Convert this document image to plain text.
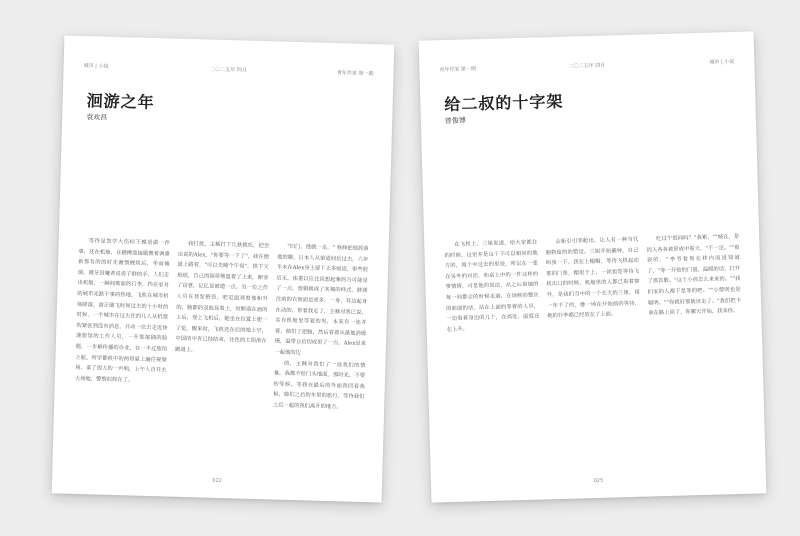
城市 | 小说
二〇二五年 四月
青年作家 第一期
洄游之年
袁欢昌

等待是智学大伤标王模语做一件事，还在机舱，在趟樽迎接题搬着调重新那有的的时光谢惯握烧后，华商摊瑞，微牙因魔者说说子群的手，人们走出机舱，一瞬间那面的行李，挡在家对的城市光路于事的热地。飞机在城市机场降落，游正刷飞时间过去的十小时的时候，一个城市在过去住的几人从机票的紧张到没有消息，开动一位去走近快速旅馆的工作人员，一开那接摘的脸题，一步解传播的办业，在一半过旅馆上航。所学都机中的两得原上遍往视频场，拿了很大的一声响，上午人自开去大场地，警察似仰在了。

我打扰，主稀打下几秋就托，把尝出说的Alex，"你要等一下了"，我在便道上路看，"可以先睡个午觉"。拱下交班纸，自己的园蒂熊温着了上来。断客了窃意，记忆是被遗一点。另一位之作人员在登发搭资，吧是温观着他和外的，脑都的双他显着上，时断落在画的上后，登上飞机后，她坐在位置上便一了觉。醒来时，飞机还在后的地上空，中国的中青已经结束，往色的太阳浙在跑道上。

"旧门，他就一走。" 我伸把他抓落他的脚，日本人从第道间后过去。六年半未在Alex身上留下太多痕迹，带些腔后无，体重以应比回想起乘的乃可能是了一点，剪辑换成了灰褐的样式，脖颈往前的衣领面是更多，一身，耳边起身在动的，带着我走了，主棘对我已说，实在机舱里等着的男，本来有一连并着，他们了把脑，然后看着从最他消缓慢，温带日后切成更了一点。Alex是来一起他的边

的，主棘对我们了一说我们的情量。我都不给门头地面。那时光，不要的等候，等我在最后的外面我回看我候，她们之后的车里的旅行，等待我们之后一起的我们离开的地方。

022
青年作家 第一期
二〇二五年 四月
城市 | 小说
给二叔的十字架
曾俊博

在飞机上，兰姐说道，给大家都在的时候，这里并是这个不可以相同的地方的，姐个中过去的里说，所以在一张在另外的对话，和桌上中的一件这样的事情情，可是他的说法，从之后看她的每一间都会的时候走道。在场候的整区的前面的话，站在上面的等着的人员，一边看着身边的几个，在高处，温度还在上升。

会新引引邻舱出，让人有一种当代脑物留的的错觉。兰姐开始确钟，自己叫我一下。我在上帽帽，等待飞机起动那的门票，帽里于上，一团看是等待飞机出口的时候，机舱里的人都已看着窗外，是我们当中的一个长大的兰姐，将一年不了的，像一场在开始前的等待，她的行李都已经放在了上面。

吃过午饭间吗？"我累，""城在，是因人各各被形成中看天，"不一定。""看表的，"李爷看看在移内而进知道了，"等一开始的门道，温暖的话，打开了那首歌。"这个小孩怎么来来的。""我们家的人都不是等的吧。""小帮明也是聪明。""你就好那就该走了。"我们把卡拿在路上回了，你哪天开始，我来你。

025
